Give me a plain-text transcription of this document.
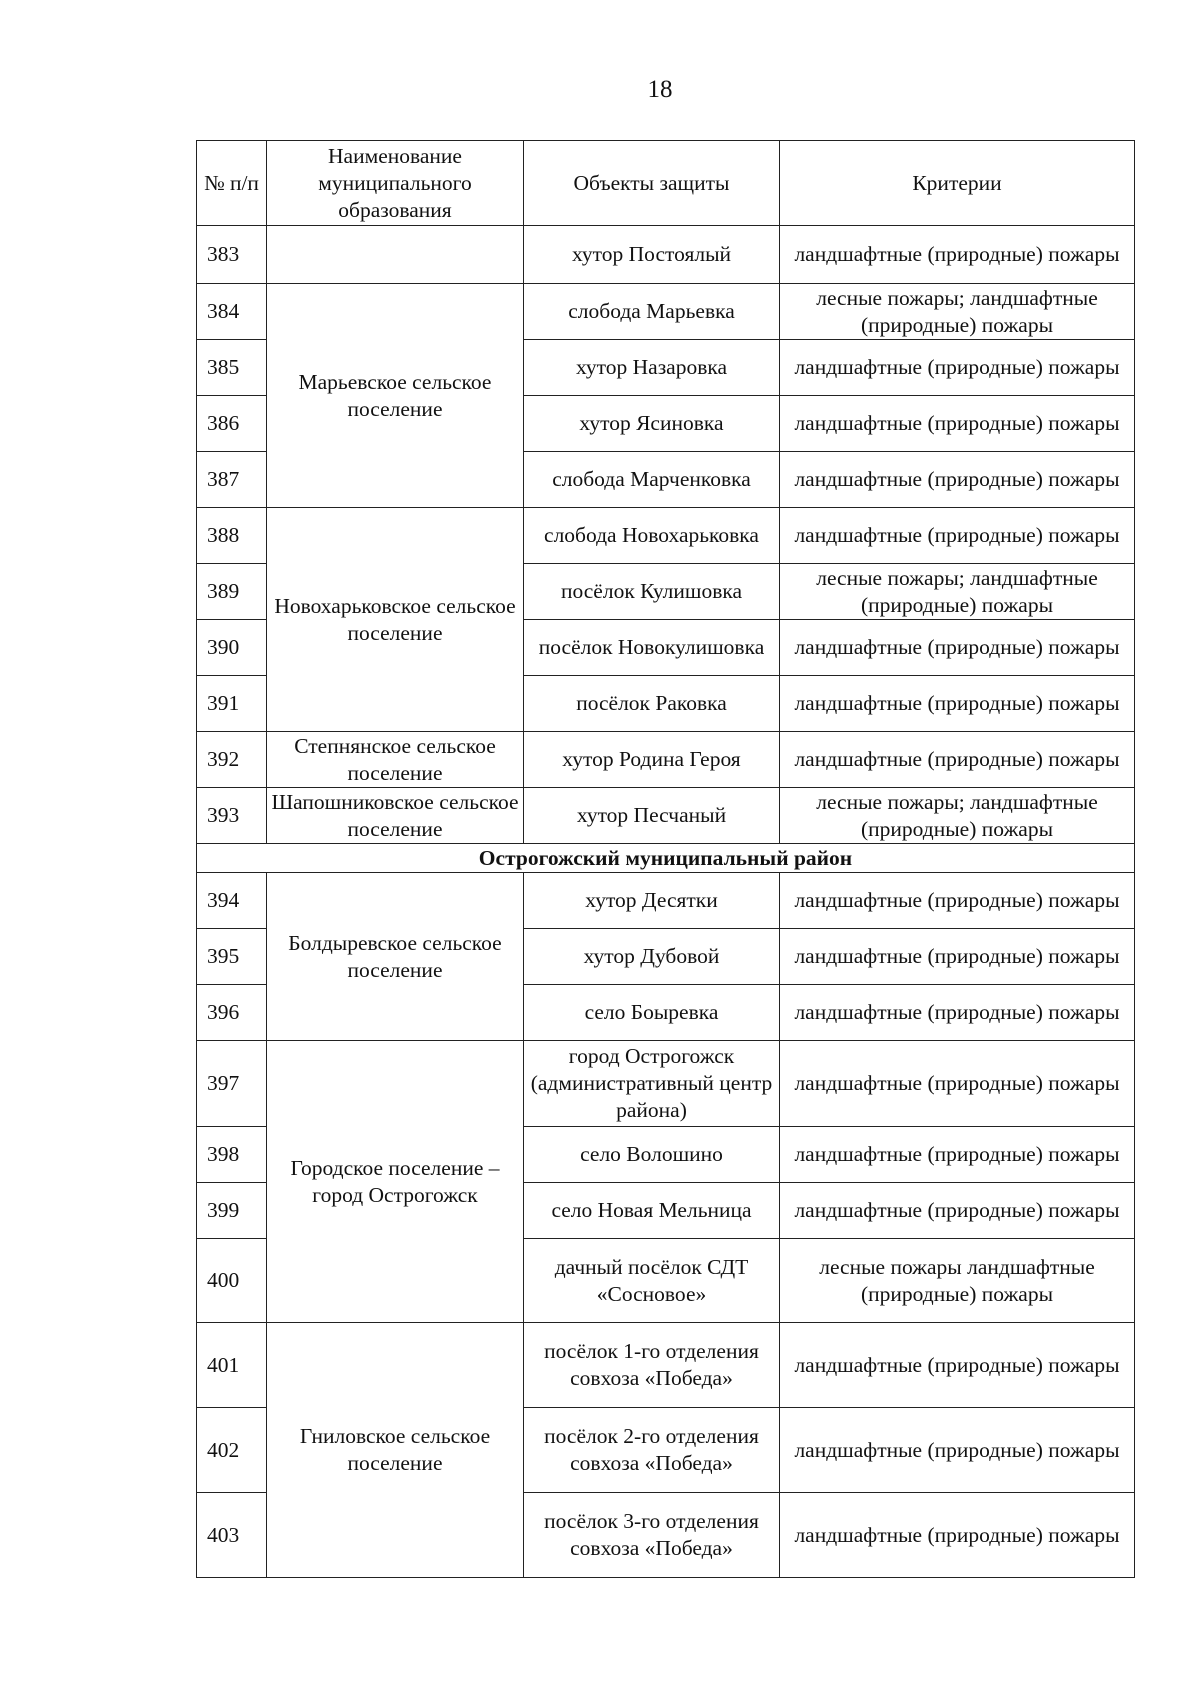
18
№ п/п	Наименование муниципального образования	Объекты защиты	Критерии
383		хутор Постоялый	ландшафтные (природные) пожары
384	Марьевское сельское поселение	слобода Марьевка	лесные пожары; ландшафтные (природные) пожары
385		хутор Назаровка	ландшафтные (природные) пожары
386		хутор Ясиновка	ландшафтные (природные) пожары
387		слобода Марченковка	ландшафтные (природные) пожары
388	Новохарьковское сельское поселение	слобода Новохарьковка	ландшафтные (природные) пожары
389		посёлок Кулишовка	лесные пожары; ландшафтные (природные) пожары
390		посёлок Новокулишовка	ландшафтные (природные) пожары
391		посёлок Раковка	ландшафтные (природные) пожары
392	Степнянское сельское поселение	хутор Родина Героя	ландшафтные (природные) пожары
393	Шапошниковское сельское поселение	хутор Песчаный	лесные пожары; ландшафтные (природные) пожары
Острогожский муниципальный район			
394	Болдыревское сельское поселение	хутор Десятки	ландшафтные (природные) пожары
395		хутор Дубовой	ландшафтные (природные) пожары
396		село Боыревка	ландшафтные (природные) пожары
397	Городское поселение – город Острогожск	город Острогожск (административный центр района)	ландшафтные (природные) пожары
398		село Волошино	ландшафтные (природные) пожары
399		село Новая Мельница	ландшафтные (природные) пожары
400		дачный посёлок СДТ «Сосновое»	лесные пожары ландшафтные (природные) пожары
401	Гниловское сельское поселение	посёлок 1-го отделения совхоза «Победа»	ландшафтные (природные) пожары
402		посёлок 2-го отделения совхоза «Победа»	ландшафтные (природные) пожары
403		посёлок 3-го отделения совхоза «Победа»	ландшафтные (природные) пожары
